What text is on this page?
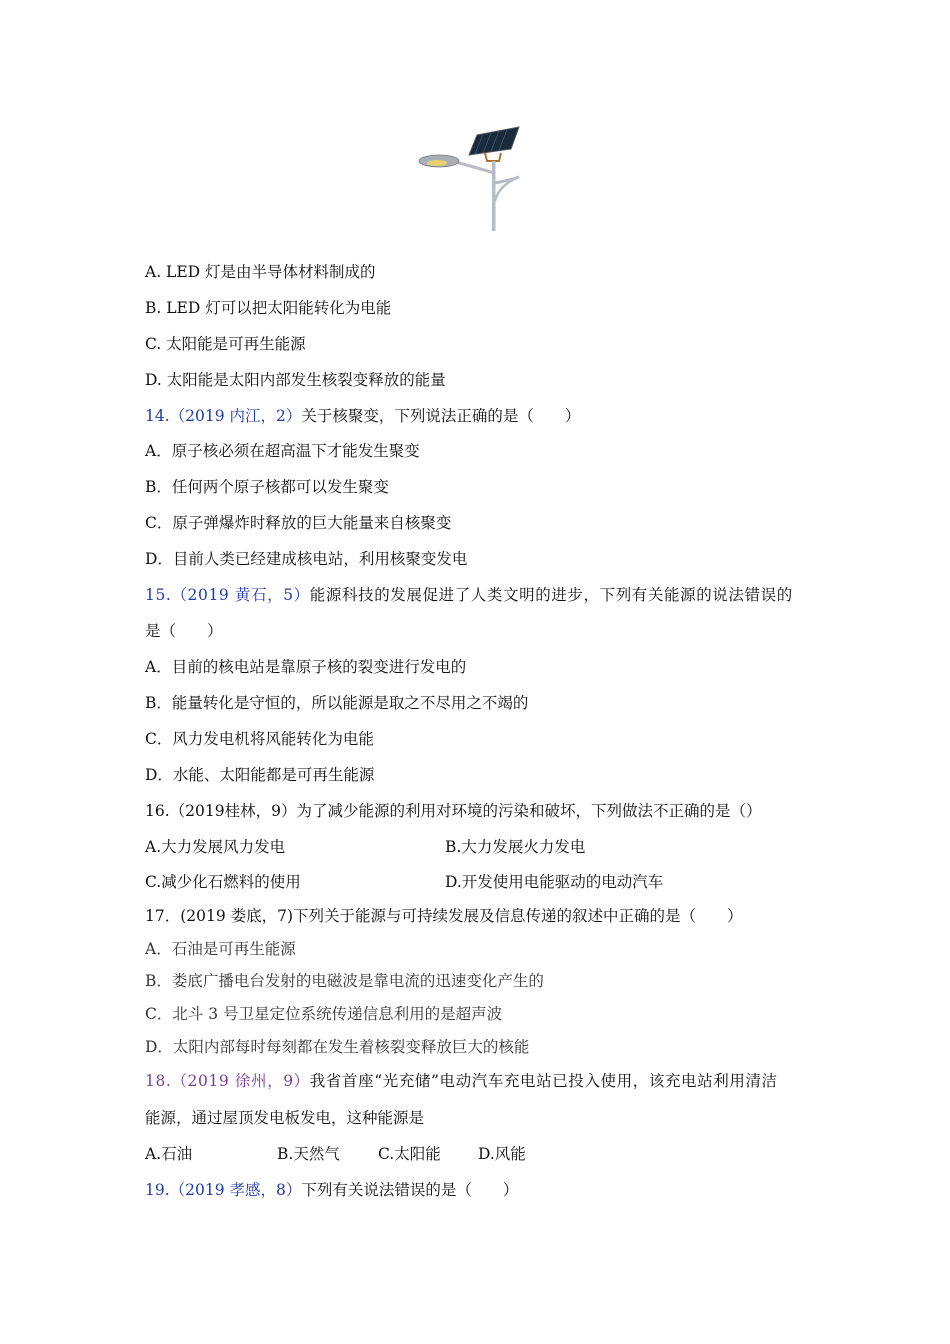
A. LED 灯是由半导体材料制成的
B. LED 灯可以把太阳能转化为电能
C. 太阳能是可再生能源
D. 太阳能是太阳内部发生核裂变释放的能量
14.（2019 内江，2）关于核聚变，下列说法正确的是（　　）
A．原子核必须在超高温下才能发生聚变
B．任何两个原子核都可以发生聚变
C．原子弹爆炸时释放的巨大能量来自核聚变
D．目前人类已经建成核电站，利用核聚变发电
15.（2019 黄石，5）能源科技的发展促进了人类文明的进步，下列有关能源的说法错误的
是（　　）
A．目前的核电站是靠原子核的裂变进行发电的
B．能量转化是守恒的，所以能源是取之不尽用之不竭的
C．风力发电机将风能转化为电能
D．水能、太阳能都是可再生能源
16.（2019桂林，9）为了减少能源的利用对环境的污染和破坏，下列做法不正确的是（）
A.大力发展风力发电	B.大力发展火力发电
C.减少化石燃料的使用	D.开发使用电能驱动的电动汽车
17．(2019 娄底，7)下列关于能源与可持续发展及信息传递的叙述中正确的是（　　）
A．石油是可再生能源
B．娄底广播电台发射的电磁波是靠电流的迅速变化产生的
C．北斗 3 号卫星定位系统传递信息利用的是超声波
D．太阳内部每时每刻都在发生着核裂变释放巨大的核能
18.（2019 徐州，9）我省首座“光充储”电动汽车充电站已投入使用，该充电站利用清洁
能源，通过屋顶发电板发电，这种能源是
A.石油	B.天然气 C.太阳能 D.风能
19.（2019 孝感，8）下列有关说法错误的是（　　）
